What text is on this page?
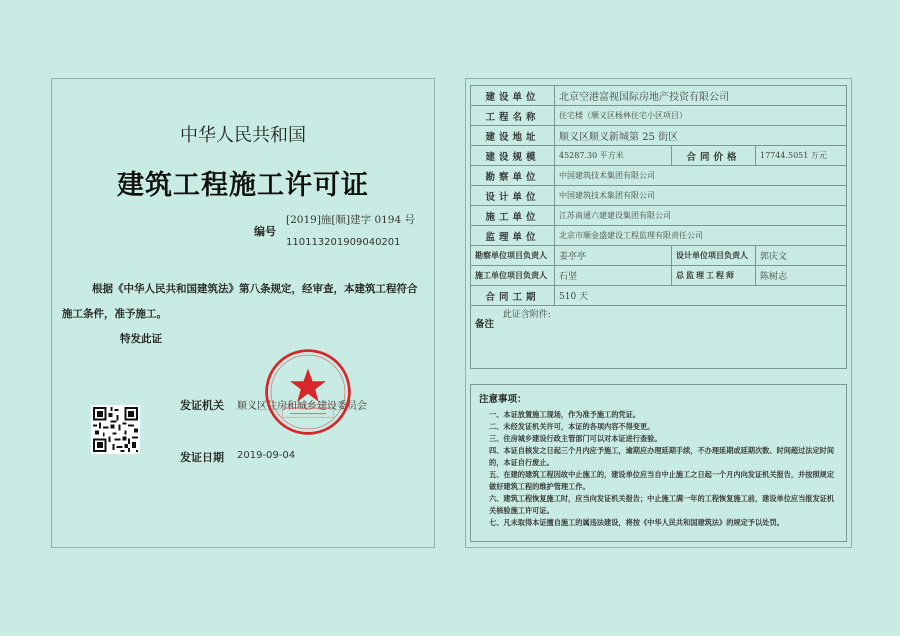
中华人民共和国
建筑工程施工许可证
编号
[2019]施[顺]建字 0194 号
110113201909040201
根据《中华人民共和国建筑法》第八条规定，经审查，本建筑工程符合施工条件，准予施工。
特发此证
发证机关 顺义区住房和城乡建设委员会
发证日期 2019-09-04
建设单位	北京空港富视国际房地产投资有限公司		
工程名称	住宅楼（顺义区杨林住宅小区项目）		
建设地址	顺义区顺义新城第 25 街区		
建设规模	45287.30 平方米	合同价格	17744.5051 万元
勘察单位	中国建筑技术集团有限公司		
设计单位	中国建筑技术集团有限公司		
施工单位	江苏南通六建建设集团有限公司		
监理单位	北京市顺金盛建设工程监理有限责任公司		
勘察单位项目负责人	姜亭亭	设计单位项目负责人	郭庆文
施工单位项目负责人	石坚	总监理工程师	陈树志
合同工期	510 天		
备注 此证含附件:			
注意事项：
一、本证放置施工现场，作为准予施工的凭证。
二、未经发证机关许可，本证的各项内容不得变更。
三、住房城乡建设行政主管部门可以对本证进行查验。
四、本证自核发之日起三个月内应予施工，逾期应办理延期手续，不办理延期或延期次数、时间超过法定时间的，本证自行废止。
五、在建的建筑工程因故中止施工的，建设单位应当自中止施工之日起一个月内向发证机关报告，并按照规定做好建筑工程的维护管理工作。
六、建筑工程恢复施工时，应当向发证机关报告；中止施工满一年的工程恢复施工前，建设单位应当报发证机关核验施工许可证。
七、凡未取得本证擅自施工的属违法建设，将按《中华人民共和国建筑法》的规定予以处罚。
